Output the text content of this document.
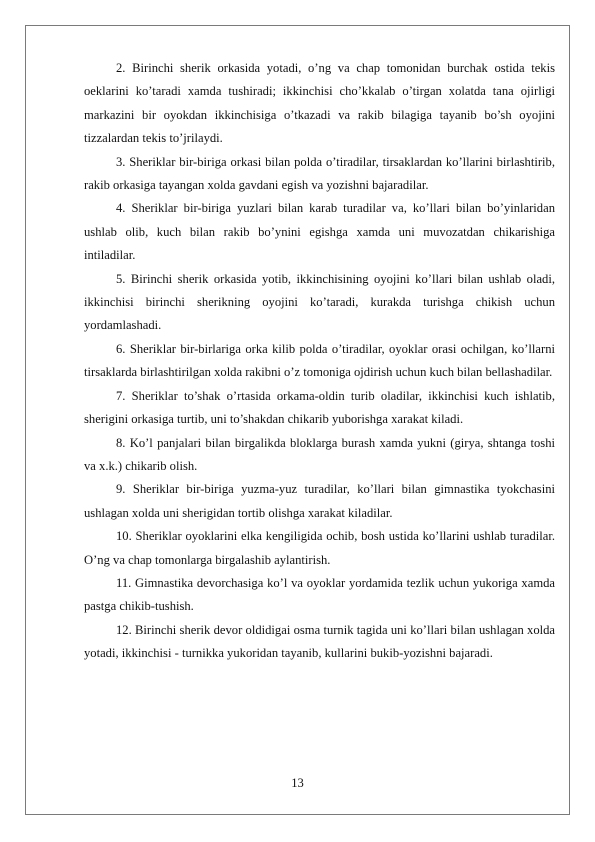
2. Birinchi sherik orkasida yotadi, o’ng va chap tomonidan burchak ostida tekis oeklarini ko’taradi xamda tushiradi; ikkinchisi cho’kkalab o’tirgan xolatda tana ojirligi markazini bir oyokdan ikkinchisiga o’tkazadi va rakib bilagiga tayanib bo’sh oyojini tizzalardan tekis to’jrilaydi.

3. Sheriklar bir-biriga orkasi bilan polda o’tiradilar, tirsaklardan ko’llarini birlashtirib, rakib orkasiga tayangan xolda gavdani egish va yozishni bajaradilar.

4. Sheriklar bir-biriga yuzlari bilan karab turadilar va, ko’llari bilan bo’yinlaridan ushlab olib, kuch bilan rakib bo’ynini egishga xamda uni muvozatdan chikarishiga intiladilar.

5. Birinchi sherik orkasida yotib, ikkinchisining oyojini ko’llari bilan ushlab oladi, ikkinchisi birinchi sherikning oyojini ko’taradi, kurakda turishga chikish uchun yordamlashadi.

6. Sheriklar bir-birlariga orka kilib polda o’tiradilar, oyoklar orasi ochilgan, ko’llarni tirsaklarda birlashtirilgan xolda rakibni o’z tomoniga ojdirish uchun kuch bilan bellashadilar.

7. Sheriklar to’shak o’rtasida orkama-oldin turib oladilar, ikkinchisi kuch ishlatib, sherigini orkasiga turtib, uni to’shakdan chikarib yuborishga xarakat kiladi.

8. Ko’l panjalari bilan birgalikda bloklarga burash xamda yukni (girya, shtanga toshi va x.k.) chikarib olish.

9. Sheriklar bir-biriga yuzma-yuz turadilar, ko’llari bilan gimnastika tyokchasini ushlagan xolda uni sherigidan tortib olishga xarakat kiladilar.

10. Sheriklar oyoklarini elka kengiligida ochib, bosh ustida ko’llarini ushlab turadilar. O’ng va chap tomonlarga birgalashib aylantirish.

11. Gimnastika devorchasiga ko’l va oyoklar yordamida tezlik uchun yukoriga xamda pastga chikib-tushish.

12. Birinchi sherik devor oldidigai osma turnik tagida uni ko’llari bilan ushlagan xolda yotadi, ikkinchisi - turnikka yukoridan tayanib, kullarini bukib-yozishni bajaradi.

13
